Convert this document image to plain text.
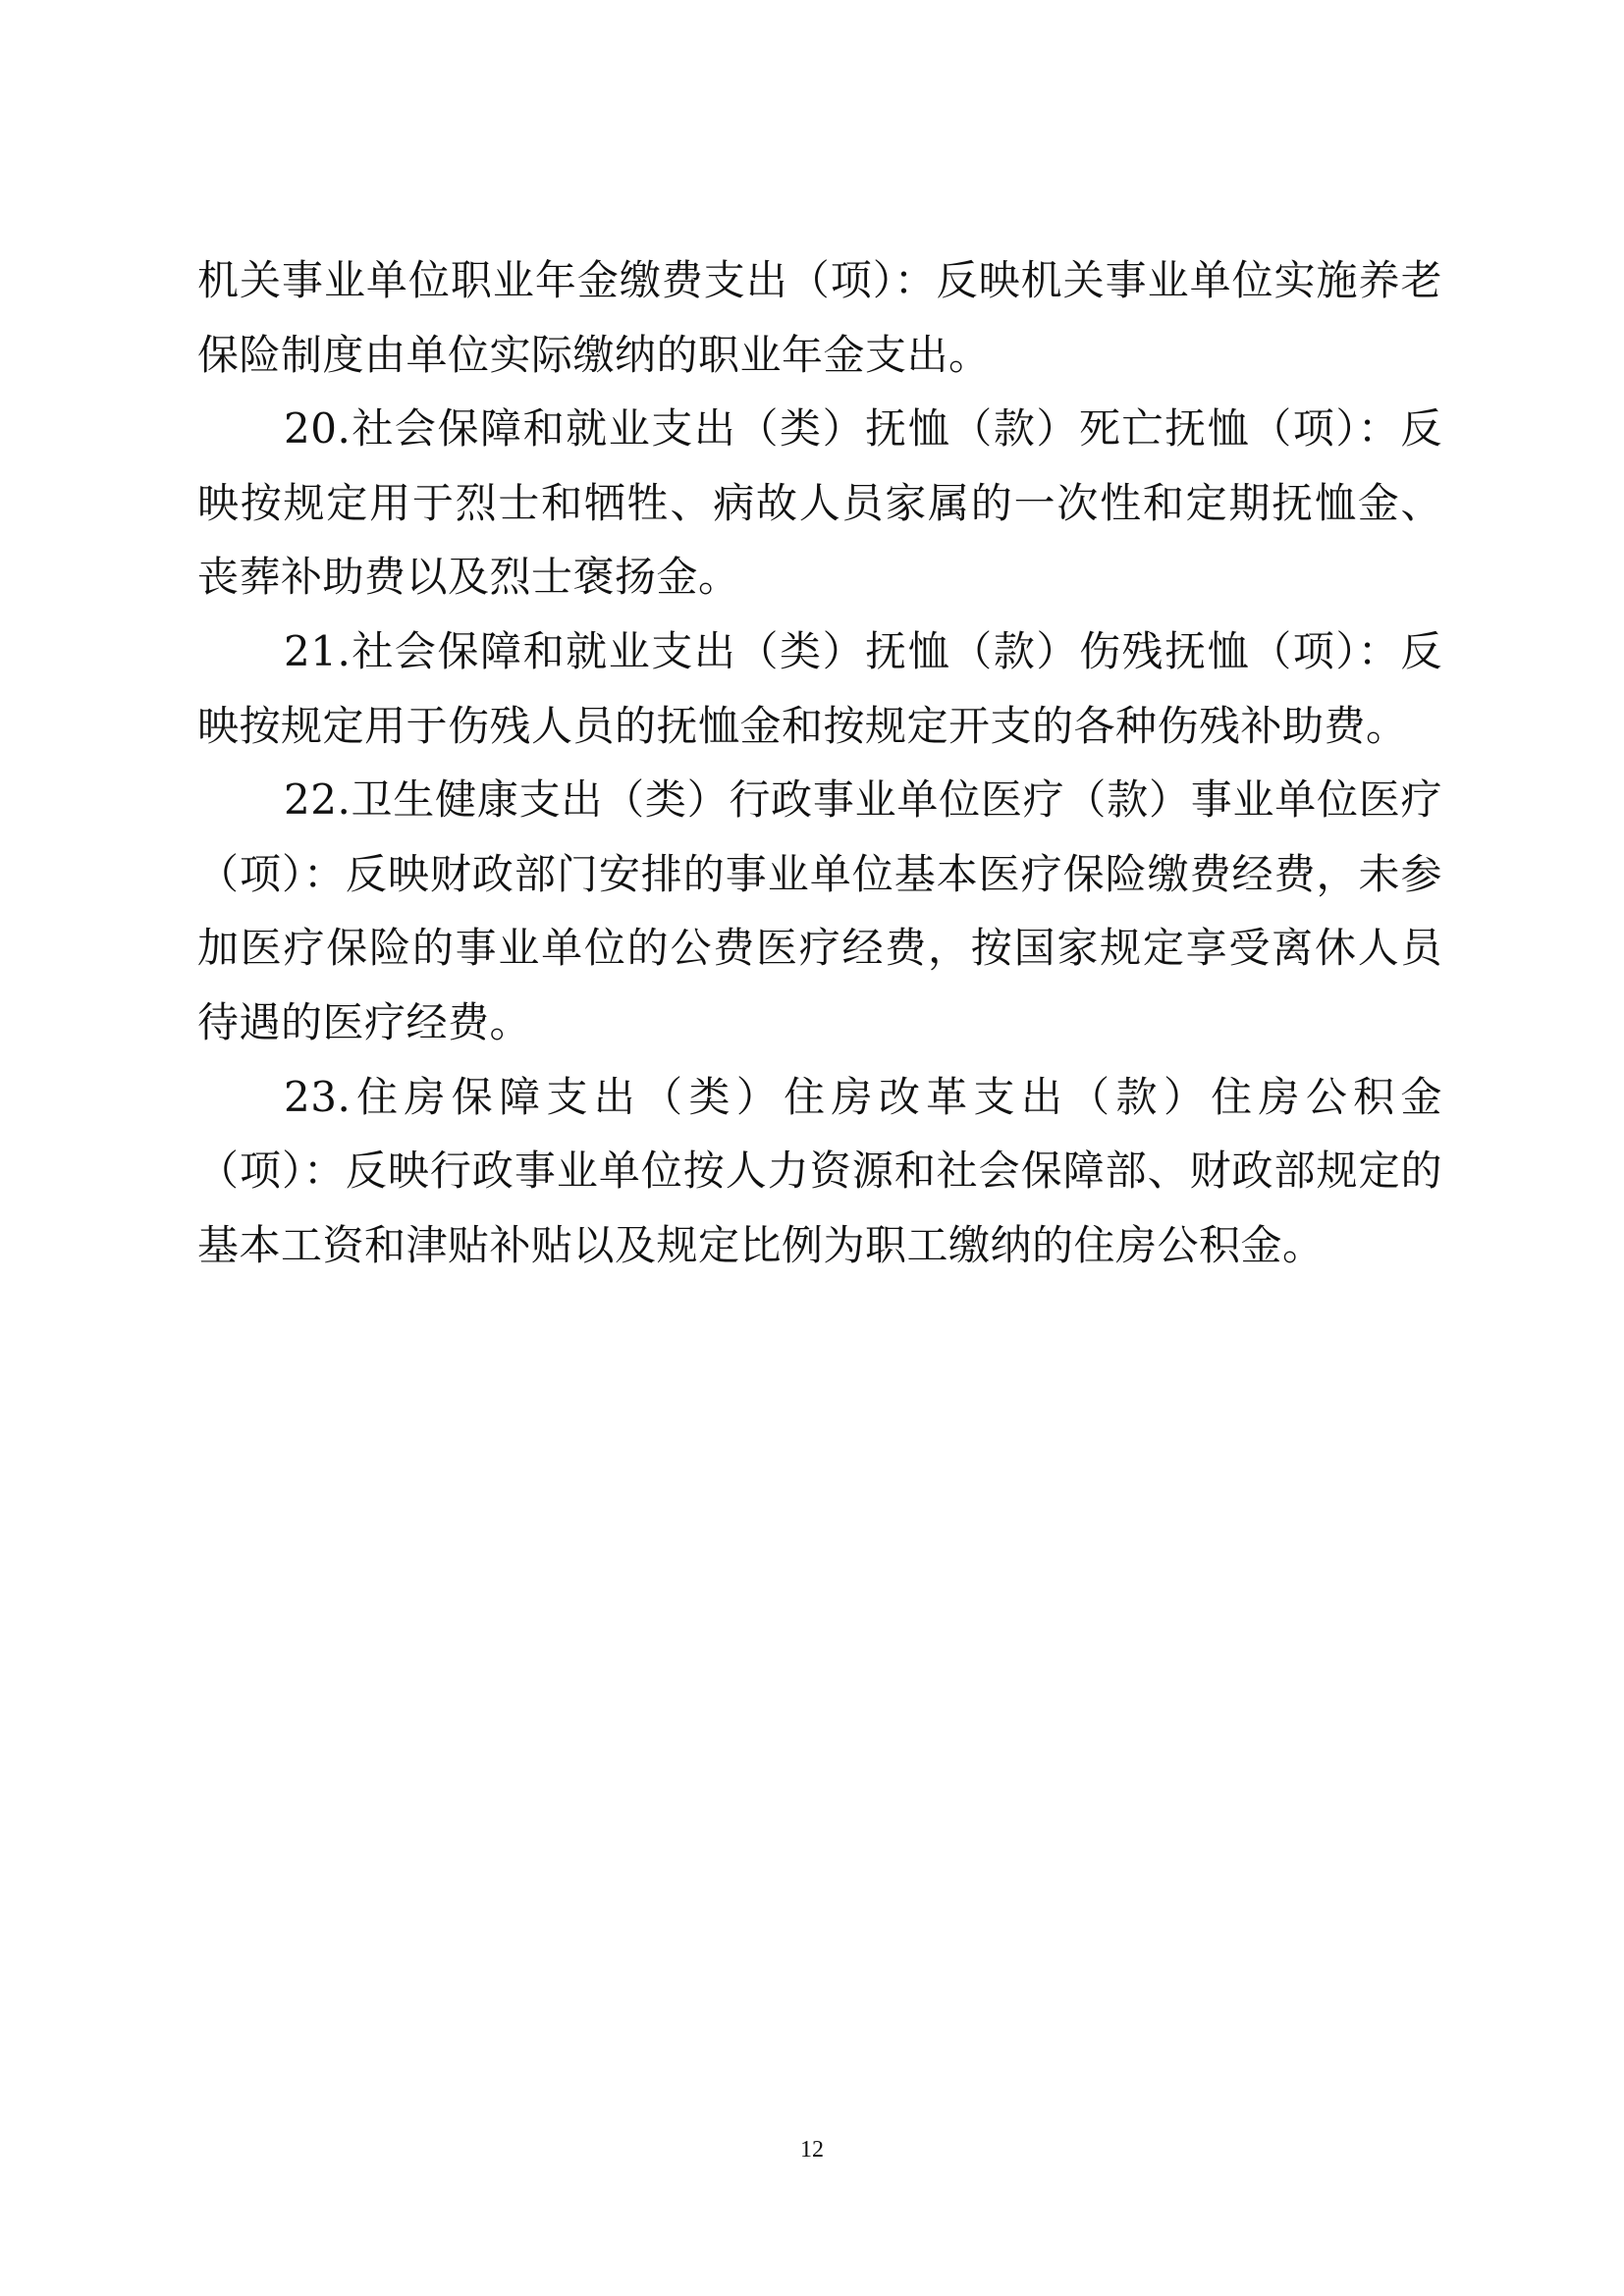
机关事业单位职业年金缴费支出（项）：反映机关事业单位实施养老保险制度由单位实际缴纳的职业年金支出。

20.社会保障和就业支出（类）抚恤（款）死亡抚恤（项）：反映按规定用于烈士和牺牲、病故人员家属的一次性和定期抚恤金、丧葬补助费以及烈士褒扬金。

21.社会保障和就业支出（类）抚恤（款）伤残抚恤（项）：反映按规定用于伤残人员的抚恤金和按规定开支的各种伤残补助费。

22.卫生健康支出（类）行政事业单位医疗（款）事业单位医疗（项）：反映财政部门安排的事业单位基本医疗保险缴费经费，未参加医疗保险的事业单位的公费医疗经费，按国家规定享受离休人员待遇的医疗经费。

23.住房保障支出（类）住房改革支出（款）住房公积金（项）：反映行政事业单位按人力资源和社会保障部、财政部规定的基本工资和津贴补贴以及规定比例为职工缴纳的住房公积金。

12
